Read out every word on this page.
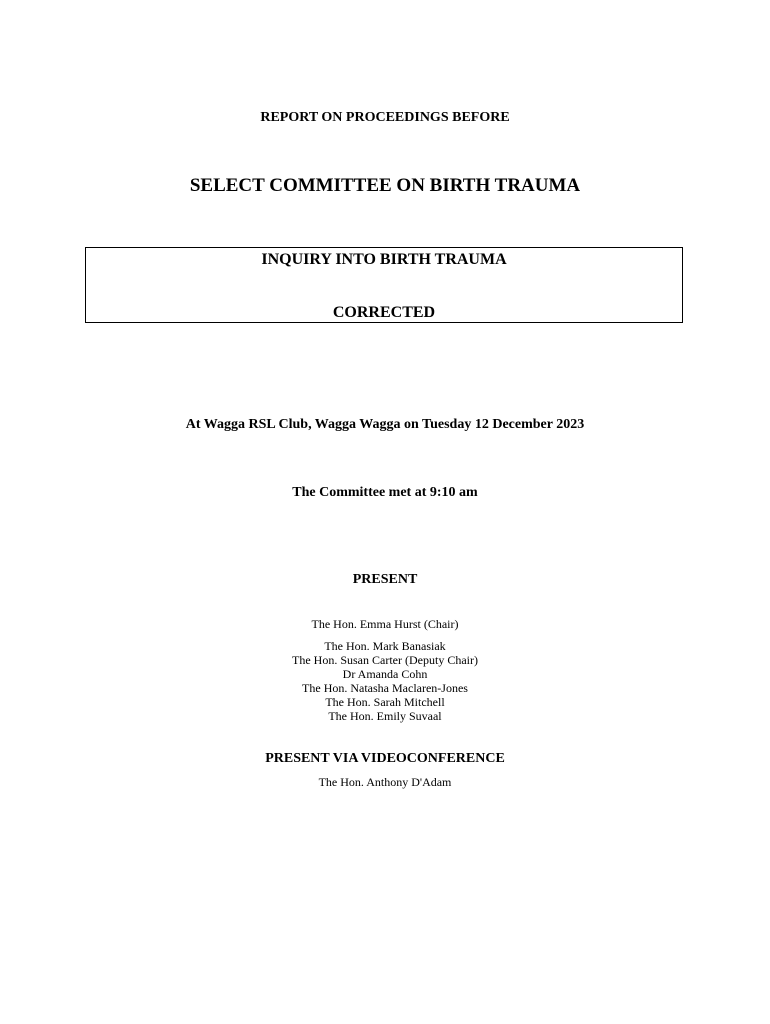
REPORT ON PROCEEDINGS BEFORE
SELECT COMMITTEE ON BIRTH TRAUMA
INQUIRY INTO BIRTH TRAUMA
CORRECTED
At Wagga RSL Club, Wagga Wagga on Tuesday 12 December 2023
The Committee met at 9:10 am
PRESENT
The Hon. Emma Hurst (Chair)
The Hon. Mark Banasiak
The Hon. Susan Carter (Deputy Chair)
Dr Amanda Cohn
The Hon. Natasha Maclaren-Jones
The Hon. Sarah Mitchell
The Hon. Emily Suvaal
PRESENT VIA VIDEOCONFERENCE
The Hon. Anthony D'Adam
